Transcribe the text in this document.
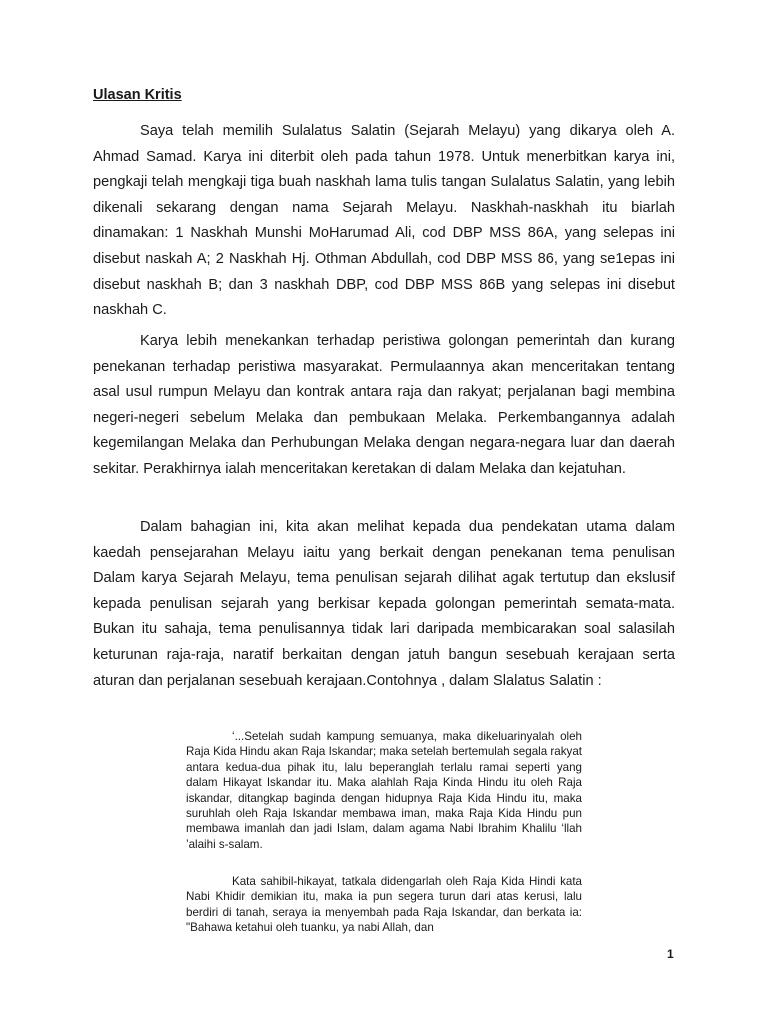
Ulasan Kritis

Saya telah memilih Sulalatus Salatin (Sejarah Melayu) yang dikarya oleh A. Ahmad Samad. Karya ini diterbit oleh pada tahun 1978. Untuk menerbitkan karya ini, pengkaji telah mengkaji tiga buah naskhah lama tulis tangan Sulalatus Salatin, yang lebih dikenali sekarang dengan nama Sejarah Melayu. Naskhah-naskhah itu biarlah dinamakan: 1 Naskhah Munshi MoHarumad Ali, cod DBP MSS 86A, yang selepas ini disebut naskah A; 2 Naskhah Hj. Othman Abdullah, cod DBP MSS 86, yang se1epas ini disebut naskhah B; dan 3 naskhah DBP, cod DBP MSS 86B yang selepas ini disebut naskhah C.

Karya lebih menekankan terhadap peristiwa golongan pemerintah dan kurang penekanan terhadap peristiwa masyarakat. Permulaannya akan menceritakan tentang asal usul rumpun Melayu dan kontrak antara raja dan rakyat; perjalanan bagi membina negeri-negeri sebelum Melaka dan pembukaan Melaka. Perkembangannya adalah kegemilangan Melaka dan Perhubungan Melaka dengan negara-negara luar dan daerah sekitar. Perakhirnya ialah menceritakan keretakan di dalam Melaka dan kejatuhan.

Dalam bahagian ini, kita akan melihat kepada dua pendekatan utama dalam kaedah pensejarahan Melayu iaitu yang berkait dengan penekanan tema penulisan Dalam karya Sejarah Melayu, tema penulisan sejarah dilihat agak tertutup dan ekslusif kepada penulisan sejarah yang berkisar kepada golongan pemerintah semata-mata. Bukan itu sahaja, tema penulisannya tidak lari daripada membicarakan soal salasilah keturunan raja-raja, naratif berkaitan dengan jatuh bangun sesebuah kerajaan serta aturan dan perjalanan sesebuah kerajaan.Contohnya , dalam Slalatus Salatin :

‘...Setelah sudah kampung semuanya, maka dikeluarinyalah oleh Raja Kida Hindu akan Raja Iskandar; maka setelah bertemulah segala rakyat antara kedua-dua pihak itu, lalu beperanglah terlalu ramai seperti yang dalam Hikayat Iskandar itu. Maka alahlah Raja Kinda Hindu itu oleh Raja iskandar, ditangkap baginda dengan hidupnya Raja Kida Hindu itu, maka suruhlah oleh Raja Iskandar membawa iman, maka Raja Kida Hindu pun membawa imanlah dan jadi Islam, dalam agama Nabi Ibrahim Khalilu ‘llah ’alaihi s-salam.

Kata sahibil-hikayat, tatkala didengarlah oleh Raja Kida Hindi kata Nabi Khidir demikian itu, maka ia pun segera turun dari atas kerusi, lalu berdiri di tanah, seraya ia menyembah pada Raja Iskandar, dan berkata ia: "Bahawa ketahui oleh tuanku, ya nabi Allah, dan

1
